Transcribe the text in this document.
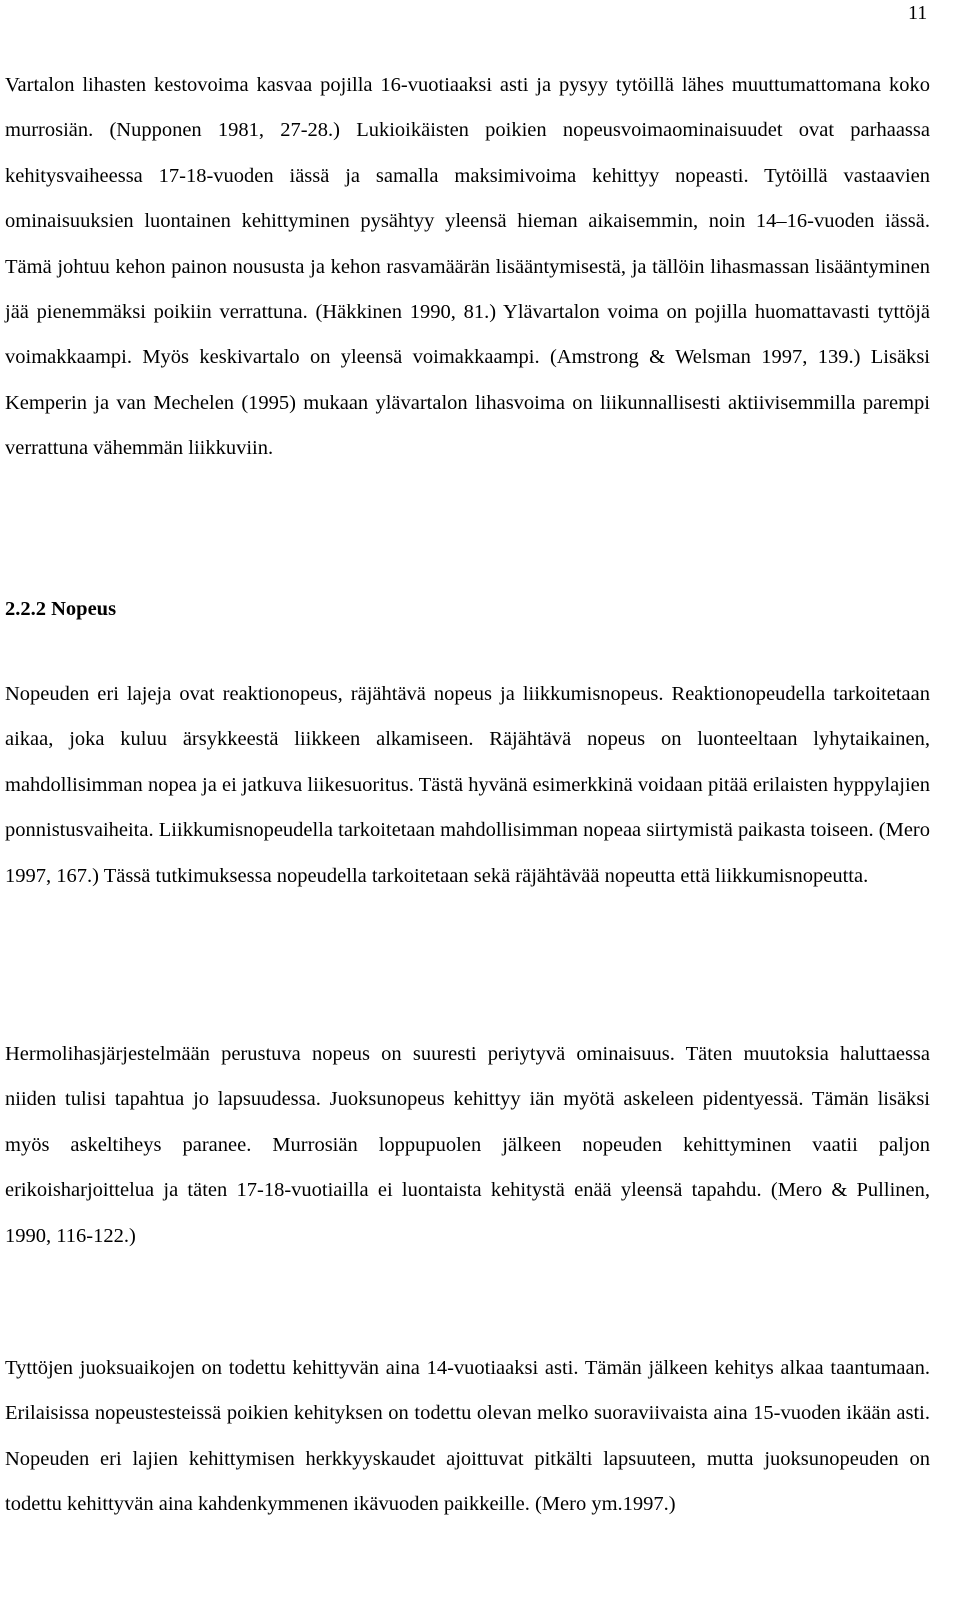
11

Vartalon lihasten kestovoima kasvaa pojilla 16-vuotiaaksi asti ja pysyy tytöillä lähes muuttumattomana koko murrosiän. (Nupponen 1981, 27-28.) Lukioikäisten poikien nopeusvoimaominaisuudet ovat parhaassa kehitysvaiheessa 17-18-vuoden iässä ja samalla maksimivoima kehittyy nopeasti. Tytöillä vastaavien ominaisuuksien luontainen kehittyminen pysähtyy yleensä hieman aikaisemmin, noin 14–16-vuoden iässä. Tämä johtuu kehon painon noususta ja kehon rasvamäärän lisääntymisestä, ja tällöin lihasmassan lisääntyminen jää pienemmäksi poikiin verrattuna. (Häkkinen 1990, 81.) Ylävartalon voima on pojilla huomattavasti tyttöjä voimakkaampi. Myös keskivartalo on yleensä voimakkaampi. (Amstrong & Welsman 1997, 139.) Lisäksi Kemperin ja van Mechelen (1995) mukaan ylävartalon lihasvoima on liikunnallisesti aktiivisemmilla parempi verrattuna vähemmän liikkuviin.

2.2.2 Nopeus

Nopeuden eri lajeja ovat reaktionopeus, räjähtävä nopeus ja liikkumisnopeus. Reaktionopeudella tarkoitetaan aikaa, joka kuluu ärsykkeestä liikkeen alkamiseen. Räjähtävä nopeus on luonteeltaan lyhytaikainen, mahdollisimman nopea ja ei jatkuva liikesuoritus. Tästä hyvänä esimerkkinä voidaan pitää erilaisten hyppylajien ponnistusvaiheita. Liikkumisnopeudella tarkoitetaan mahdollisimman nopeaa siirtymistä paikasta toiseen. (Mero 1997, 167.) Tässä tutkimuksessa nopeudella tarkoitetaan sekä räjähtävää nopeutta että liikkumisnopeutta.

Hermolihasjärjestelmään perustuva nopeus on suuresti periytyvä ominaisuus. Täten muutoksia haluttaessa niiden tulisi tapahtua jo lapsuudessa. Juoksunopeus kehittyy iän myötä askeleen pidentyessä. Tämän lisäksi myös askeltiheys paranee. Murrosiän loppupuolen jälkeen nopeuden kehittyminen vaatii paljon erikoisharjoittelua ja täten 17-18-vuotiailla ei luontaista kehitystä enää yleensä tapahdu. (Mero & Pullinen, 1990, 116-122.)

Tyttöjen juoksuaikojen on todettu kehittyvän aina 14-vuotiaaksi asti. Tämän jälkeen kehitys alkaa taantumaan. Erilaisissa nopeustesteissä poikien kehityksen on todettu olevan melko suoraviivaista aina 15-vuoden ikään asti. Nopeuden eri lajien kehittymisen herkkyyskaudet ajoittuvat pitkälti lapsuuteen, mutta juoksunopeuden on todettu kehittyvän aina kahdenkymmenen ikävuoden paikkeille. (Mero ym.1997.)
